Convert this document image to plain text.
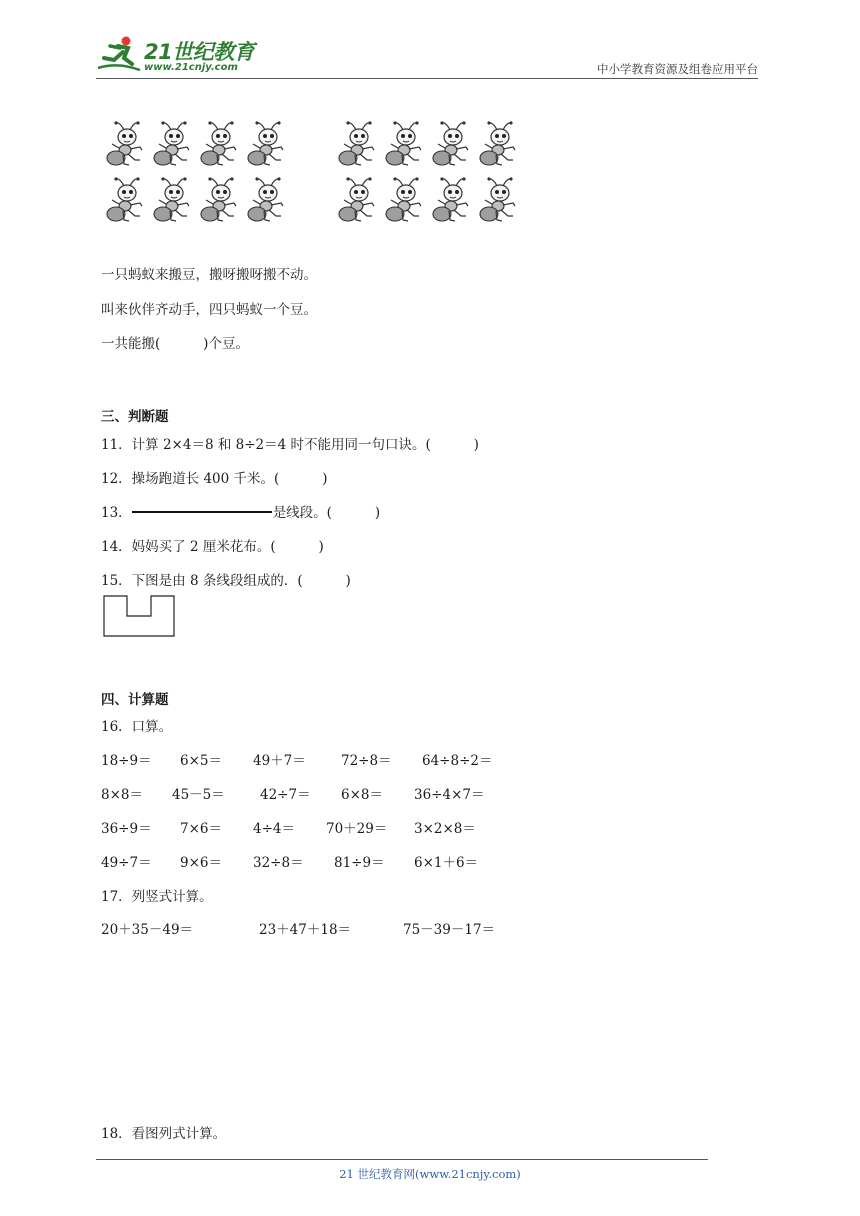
21世纪教育
www.21cnjy.com	中小学教育资源及组卷应用平台
一只蚂蚁来搬豆，搬呀搬呀搬不动。
叫来伙伴齐动手，四只蚂蚁一个豆。
一共能搬(          )个豆。
三、判断题
11．计算 2×4＝8 和 8÷2＝4 时不能用同一句口诀。(          )
12．操场跑道长 400 千米。(          )
13．	是线段。(          )
14．妈妈买了 2 厘米花布。(          )
15．下图是由 8 条线段组成的．(          )
四、计算题
16．口算。
18÷9＝ 6×5＝ 49＋7＝	72÷8＝ 64÷8÷2＝
8×8＝ 45－5＝	42÷7＝ 6×8＝ 36÷4×7＝
36÷9＝ 7×6＝ 4÷4＝ 70＋29＝ 3×2×8＝
49÷7＝ 9×6＝ 32÷8＝ 81÷9＝ 6×1＋6＝
17．列竖式计算。
20＋35－49＝	23＋47＋18＝	75－39－17＝
18．看图列式计算。
21 世纪教育网(www.21cnjy.com)
